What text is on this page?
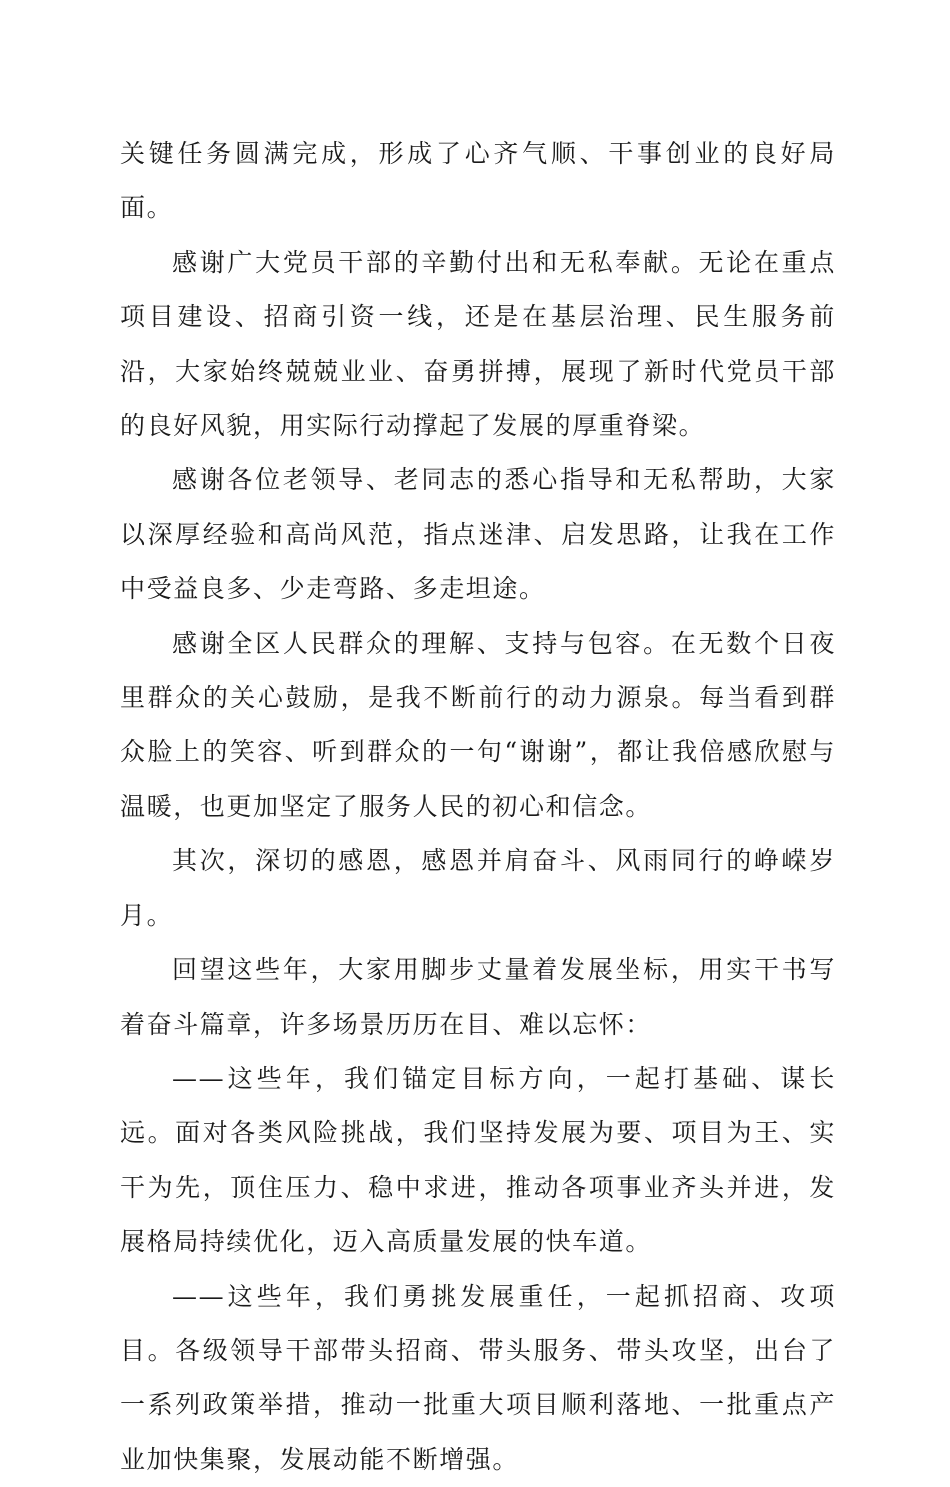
关键任务圆满完成，形成了心齐气顺、干事创业的良好局面。

感谢广大党员干部的辛勤付出和无私奉献。无论在重点项目建设、招商引资一线，还是在基层治理、民生服务前沿，大家始终兢兢业业、奋勇拼搏，展现了新时代党员干部的良好风貌，用实际行动撑起了发展的厚重脊梁。

感谢各位老领导、老同志的悉心指导和无私帮助，大家以深厚经验和高尚风范，指点迷津、启发思路，让我在工作中受益良多、少走弯路、多走坦途。

感谢全区人民群众的理解、支持与包容。在无数个日夜里群众的关心鼓励，是我不断前行的动力源泉。每当看到群众脸上的笑容、听到群众的一句“谢谢”，都让我倍感欣慰与温暖，也更加坚定了服务人民的初心和信念。

其次，深切的感恩，感恩并肩奋斗、风雨同行的峥嵘岁月。

回望这些年，大家用脚步丈量着发展坐标，用实干书写着奋斗篇章，许多场景历历在目、难以忘怀：

——这些年，我们锚定目标方向，一起打基础、谋长远。面对各类风险挑战，我们坚持发展为要、项目为王、实干为先，顶住压力、稳中求进，推动各项事业齐头并进，发展格局持续优化，迈入高质量发展的快车道。

——这些年，我们勇挑发展重任，一起抓招商、攻项目。各级领导干部带头招商、带头服务、带头攻坚，出台了一系列政策举措，推动一批重大项目顺利落地、一批重点产业加快集聚，发展动能不断增强。
